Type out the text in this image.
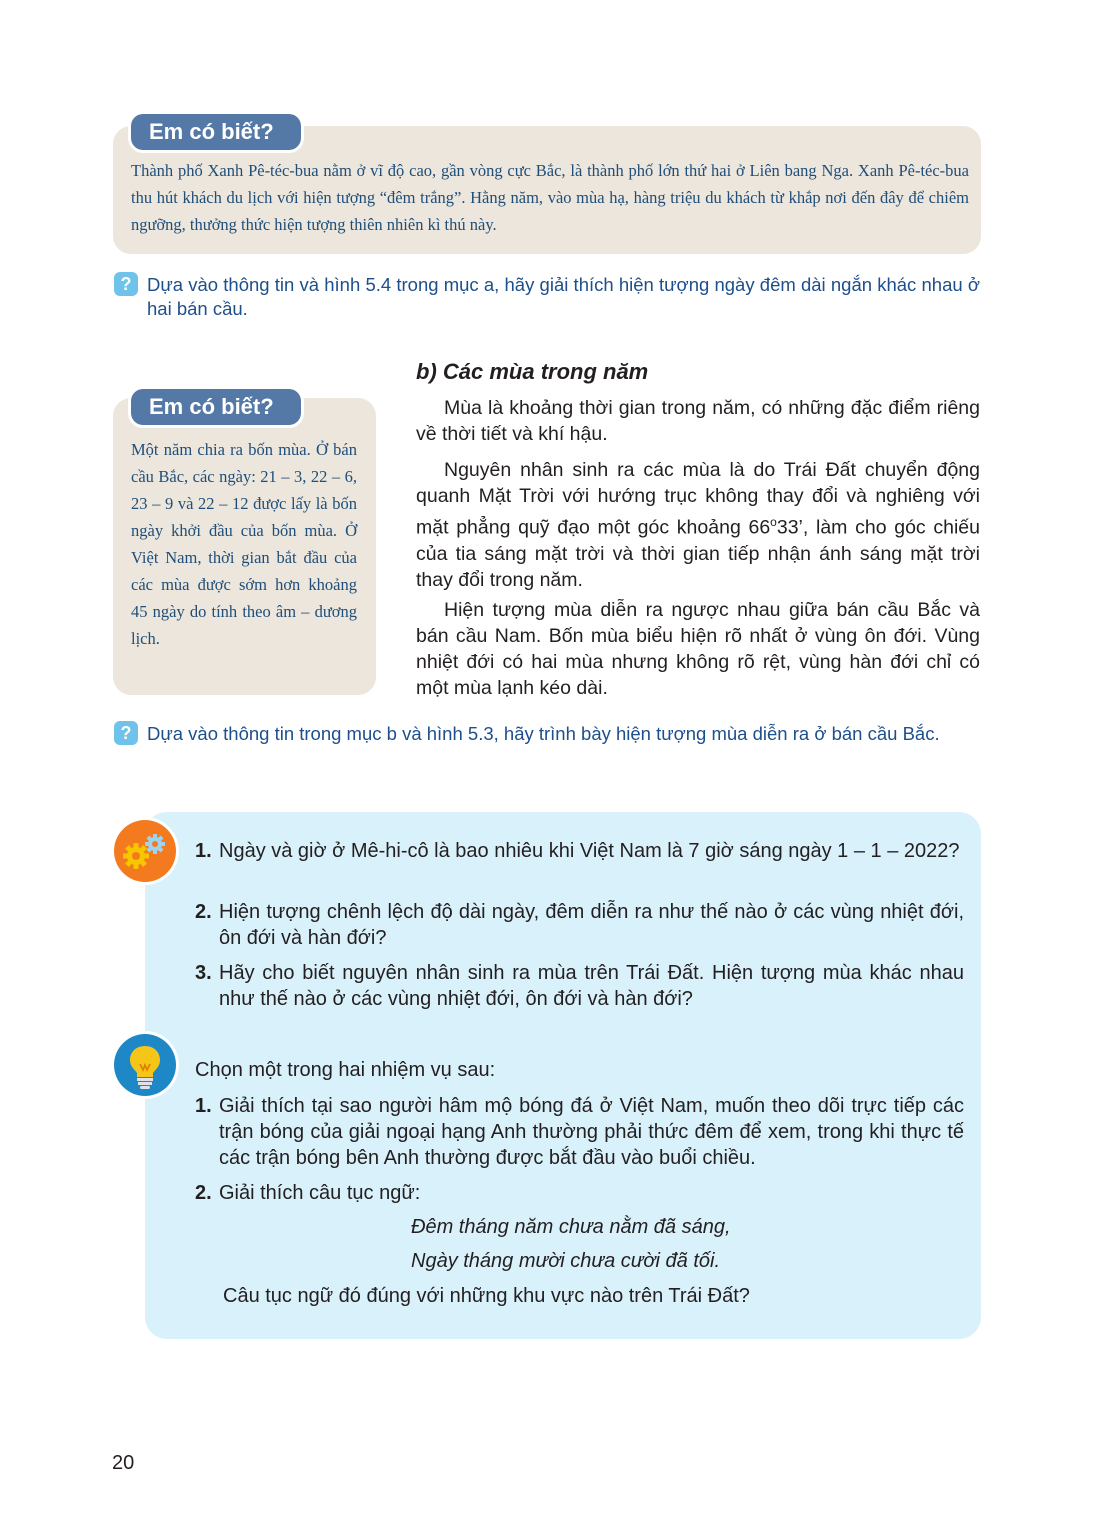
Em có biết?
Thành phố Xanh Pê-téc-bua nằm ở vĩ độ cao, gần vòng cực Bắc, là thành phố lớn thứ hai ở Liên bang Nga. Xanh Pê-téc-bua thu hút khách du lịch với hiện tượng “đêm trắng”. Hằng năm, vào mùa hạ, hàng triệu du khách từ khắp nơi đến đây để chiêm ngưỡng, thưởng thức hiện tượng thiên nhiên kì thú này.
? Dựa vào thông tin và hình 5.4 trong mục a, hãy giải thích hiện tượng ngày đêm dài ngắn khác nhau ở hai bán cầu.
b) Các mùa trong năm

Mùa là khoảng thời gian trong năm, có những đặc điểm riêng về thời tiết và khí hậu.

Nguyên nhân sinh ra các mùa là do Trái Đất chuyển động quanh Mặt Trời với hướng trục không thay đổi và nghiêng với mặt phẳng quỹ đạo một góc khoảng 66$^o$33’, làm cho góc chiếu của tia sáng mặt trời và thời gian tiếp nhận ánh sáng mặt trời thay đổi trong năm.

Hiện tượng mùa diễn ra ngược nhau giữa bán cầu Bắc và bán cầu Nam. Bốn mùa biểu hiện rõ nhất ở vùng ôn đới. Vùng nhiệt đới có hai mùa nhưng không rõ rệt, vùng hàn đới chỉ có một mùa lạnh kéo dài.

Em có biết?
Một năm chia ra bốn mùa. Ở bán cầu Bắc, các ngày: 21 – 3, 22 – 6, 23 – 9 và 22 – 12 được lấy là bốn ngày khởi đầu của bốn mùa. Ở Việt Nam, thời gian bắt đầu của các mùa được sớm hơn khoảng 45 ngày do tính theo âm – dương lịch.
? Dựa vào thông tin trong mục b và hình 5.3, hãy trình bày hiện tượng mùa diễn ra ở bán cầu Bắc.
1. Ngày và giờ ở Mê-hi-cô là bao nhiêu khi Việt Nam là 7 giờ sáng ngày 1 – 1 – 2022?
2. Hiện tượng chênh lệch độ dài ngày, đêm diễn ra như thế nào ở các vùng nhiệt đới, ôn đới và hàn đới?
3. Hãy cho biết nguyên nhân sinh ra mùa trên Trái Đất. Hiện tượng mùa khác nhau như thế nào ở các vùng nhiệt đới, ôn đới và hàn đới?
Chọn một trong hai nhiệm vụ sau:
1. Giải thích tại sao người hâm mộ bóng đá ở Việt Nam, muốn theo dõi trực tiếp các trận bóng của giải ngoại hạng Anh thường phải thức đêm để xem, trong khi thực tế các trận bóng bên Anh thường được bắt đầu vào buổi chiều.
2. Giải thích câu tục ngữ:
Đêm tháng năm chưa nằm đã sáng,
Ngày tháng mười chưa cười đã tối.
Câu tục ngữ đó đúng với những khu vực nào trên Trái Đất?
20
